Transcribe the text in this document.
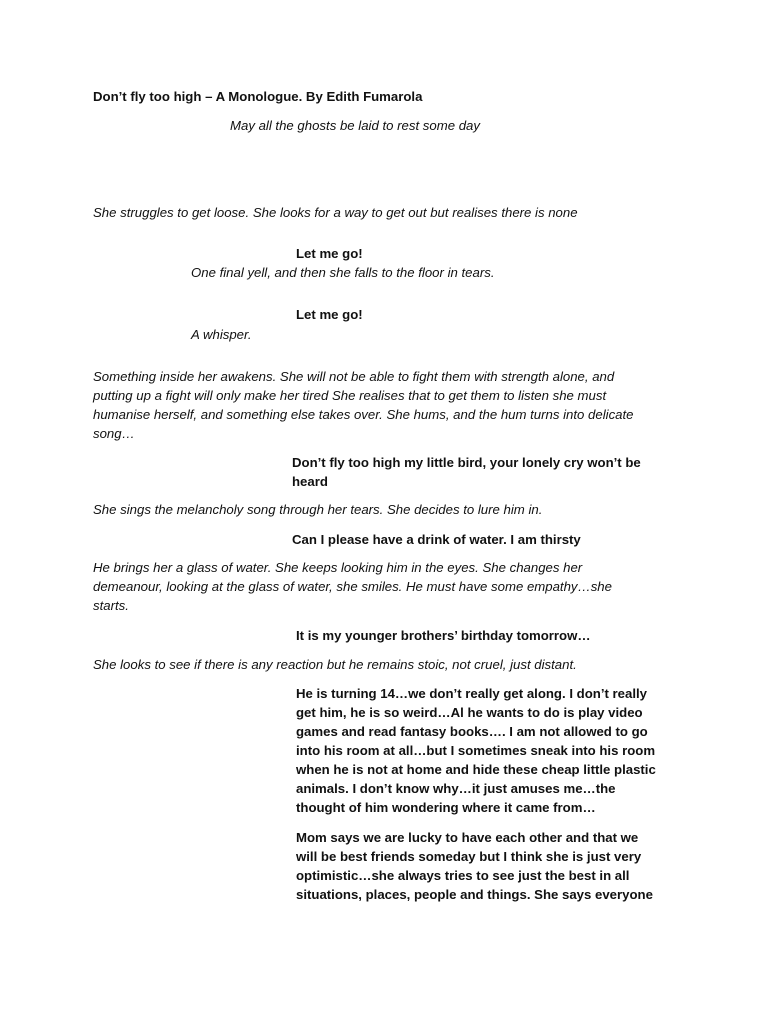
Don’t fly too high – A Monologue. By Edith Fumarola

May all the ghosts be laid to rest some day

She struggles to get loose. She looks for a way to get out but realises there is none

Let me go!

One final yell, and then she falls to the floor in tears.

Let me go!

A whisper.

Something inside her awakens. She will not be able to fight them with strength alone, and
putting up a fight will only make her tired She realises that to get them to listen she must
humanise herself, and something else takes over. She hums, and the hum turns into delicate
song…
Don’t fly too high my little bird, your lonely cry won’t be
heard

She sings the melancholy song through her tears. She decides to lure him in.

Can I please have a drink of water. I am thirsty

He brings her a glass of water. She keeps looking him in the eyes. She changes her
demeanour, looking at the glass of water, she smiles. He must have some empathy…she
starts.

It is my younger brothers’ birthday tomorrow…

She looks to see if there is any reaction but he remains stoic, not cruel, just distant.

He is turning 14…we don’t really get along. I don’t really
get him, he is so weird…Al he wants to do is play video
games and read fantasy books…. I am not allowed to go
into his room at all…but I sometimes sneak into his room
when he is not at home and hide these cheap little plastic
animals. I don’t know why…it just amuses me…the
thought of him wondering where it came from…
Mom says we are lucky to have each other and that we
will be best friends someday but I think she is just very
optimistic…she always tries to see just the best in all
situations, places, people and things. She says everyone
